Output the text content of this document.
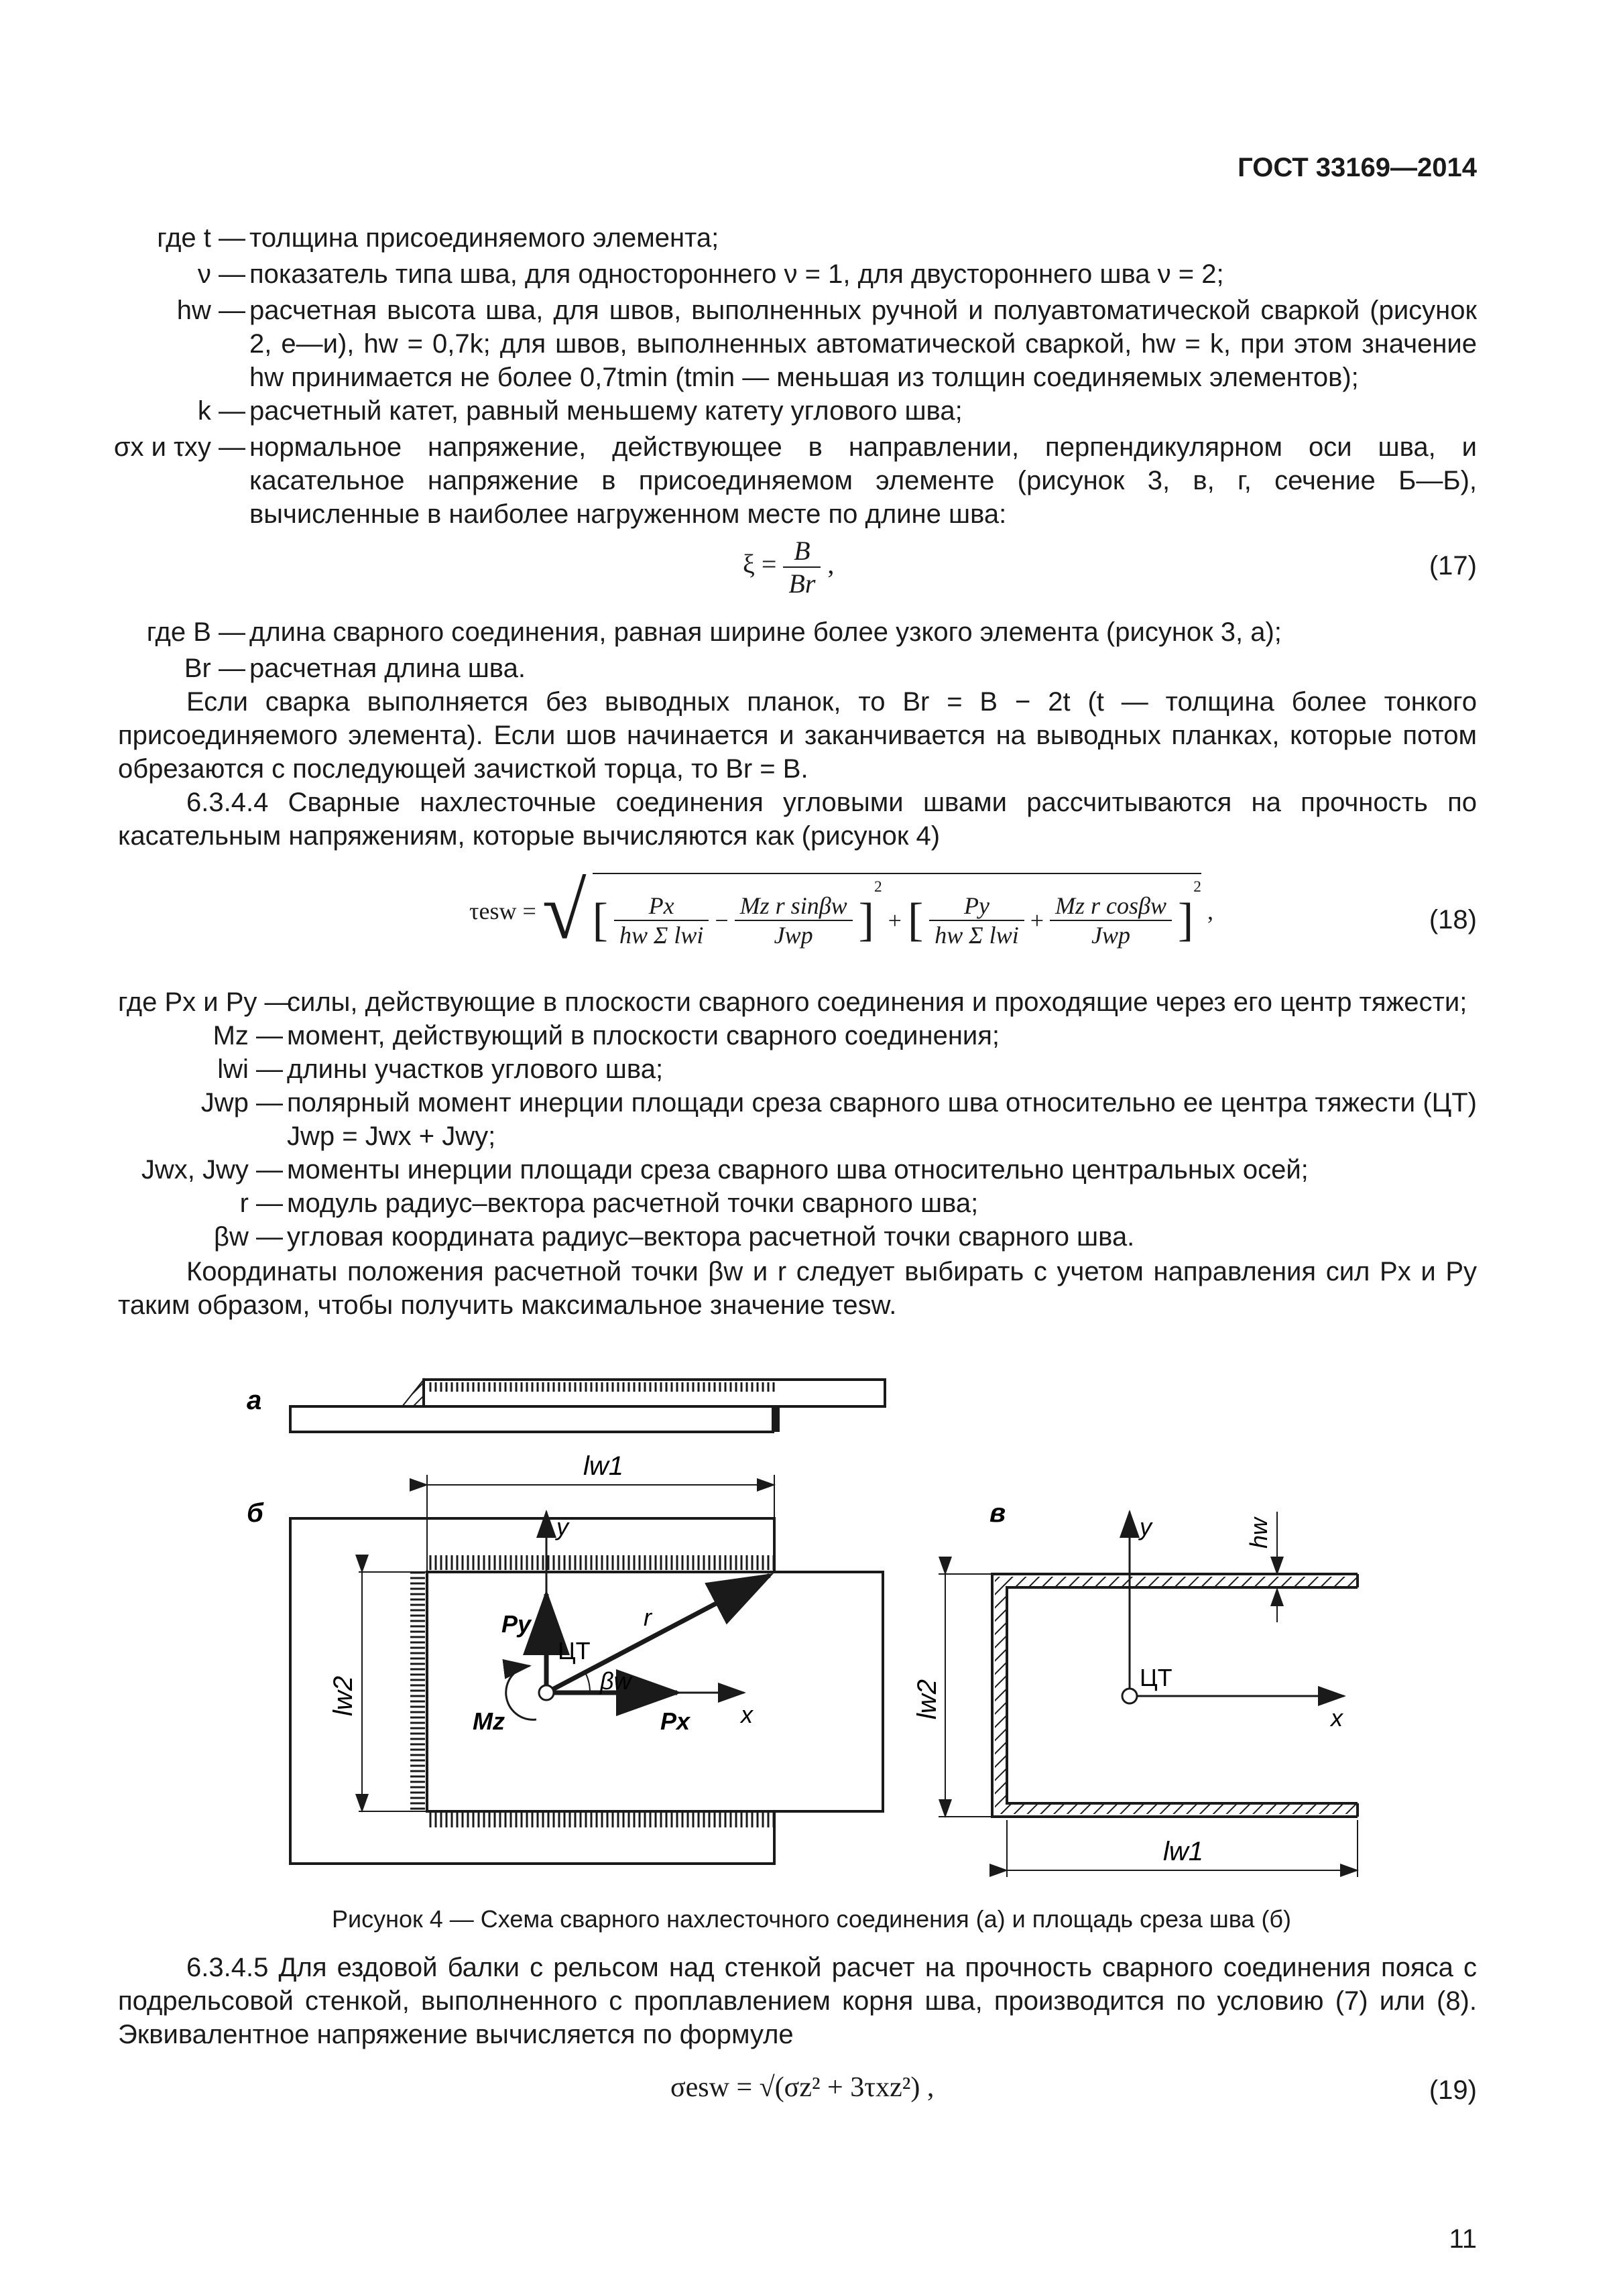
ГОСТ 33169—2014
где t — толщина присоединяемого элемента;
ν — показатель типа шва, для одностороннего ν = 1, для двустороннего шва ν = 2;
hw — расчетная высота шва, для швов, выполненных ручной и полуавтоматической сваркой (рисунок 2, е—и), hw = 0,7k; для швов, выполненных автоматической сваркой, hw = k, при этом значение hw принимается не более 0,7tmin (tmin — меньшая из толщин соединяемых элементов);
k — расчетный катет, равный меньшему катету углового шва;
σx и τxy — нормальное напряжение, действующее в направлении, перпендикулярном оси шва, и касательное напряжение в присоединяемом элементе (рисунок 3, в, г, сечение Б—Б), вычисленные в наиболее нагруженном месте по длине шва:
$\xi = \frac{B}{Br}$ ,	(17)
где B — длина сварного соединения, равная ширине более узкого элемента (рисунок 3, а);
Br — расчетная длина шва.
Если сварка выполняется без выводных планок, то Br = B − 2t (t — толщина более тонкого присоединяемого элемента). Если шов начинается и заканчивается на выводных планках, которые потом обрезаются с последующей зачисткой торца, то Br = B.
6.3.4.4 Сварные нахлесточные соединения угловыми швами рассчитываются на прочность по касательным напряжениям, которые вычисляются как (рисунок 4)
τesw = √ [ $\frac{Px}{\text{hw Σ lwi}} - \frac{\text{Mz r sinβw}}{\text{Jwp}} ]^2$ + [ $\frac{Py}{\text{hw Σ lwi}} + \frac{\text{Mz r cosβw}}{\text{Jwp}} ]^2$ ,	(18)
где Px и Py —
силы, действующие в плоскости сварного соединения и проходящие через его центр тяжести;
Mz — момент, действующий в плоскости сварного соединения;
lwi — длины участков углового шва;
Jwp — полярный момент инерции площади среза сварного шва относительно ее центра тяжести (ЦТ) Jwp = Jwx + Jwy;
Jwx, Jwy — моменты инерции площади среза сварного шва относительно центральных осей;
r — модуль радиус–вектора расчетной точки сварного шва;
βw — угловая координата радиус–вектора расчетной точки сварного шва.
Координаты положения расчетной точки βw и r следует выбирать с учетом направления сил Px и Py таким образом, чтобы получить максимальное значение τesw.
а
б
lw1
lw2
y
x
Py
Px
r
ЦТ
βw
Mz
в
lw2
lw1
hw
y
x
ЦТ
Рисунок 4 — Схема сварного нахлесточного соединения (а) и площадь среза шва (б)
6.3.4.5 Для ездовой балки с рельсом над стенкой расчет на прочность сварного соединения пояса с подрельсовой стенкой, выполненного с проплавлением корня шва, производится по условию (7) или (8). Эквивалентное напряжение вычисляется по формуле
σesw = √(σz² + 3τxz²) ,	(19)
11
